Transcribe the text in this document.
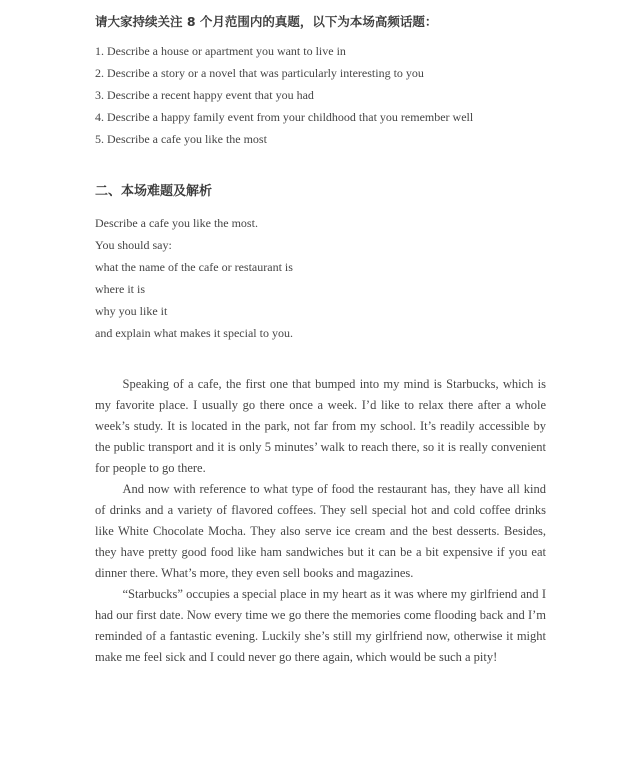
请大家持续关注 8 个月范围内的真题，以下为本场高频话题：

1. Describe a house or apartment you want to live in
2. Describe a story or a novel that was particularly interesting to you
3. Describe a recent happy event that you had
4. Describe a happy family event from your childhood that you remember well
5. Describe a cafe you like the most

二、本场难题及解析

Describe a cafe you like the most.

You should say:

what the name of the cafe or restaurant is

where it is

why you like it

and explain what makes it special to you.

Speaking of a cafe, the first one that bumped into my mind is Starbucks, which is my favorite place. I usually go there once a week. I’d like to relax there after a whole week’s study. It is located in the park, not far from my school. It’s readily accessible by the public transport and it is only 5 minutes’ walk to reach there, so it is really convenient for people to go there.

And now with reference to what type of food the restaurant has, they have all kind of drinks and a variety of flavored coffees. They sell special hot and cold coffee drinks like White Chocolate Mocha. They also serve ice cream and the best desserts. Besides, they have pretty good food like ham sandwiches but it can be a bit expensive if you eat dinner there. What’s more, they even sell books and magazines.

“Starbucks” occupies a special place in my heart as it was where my girlfriend and I had our first date. Now every time we go there the memories come flooding back and I’m reminded of a fantastic evening. Luckily she’s still my girlfriend now, otherwise it might make me feel sick and I could never go there again, which would be such a pity!
